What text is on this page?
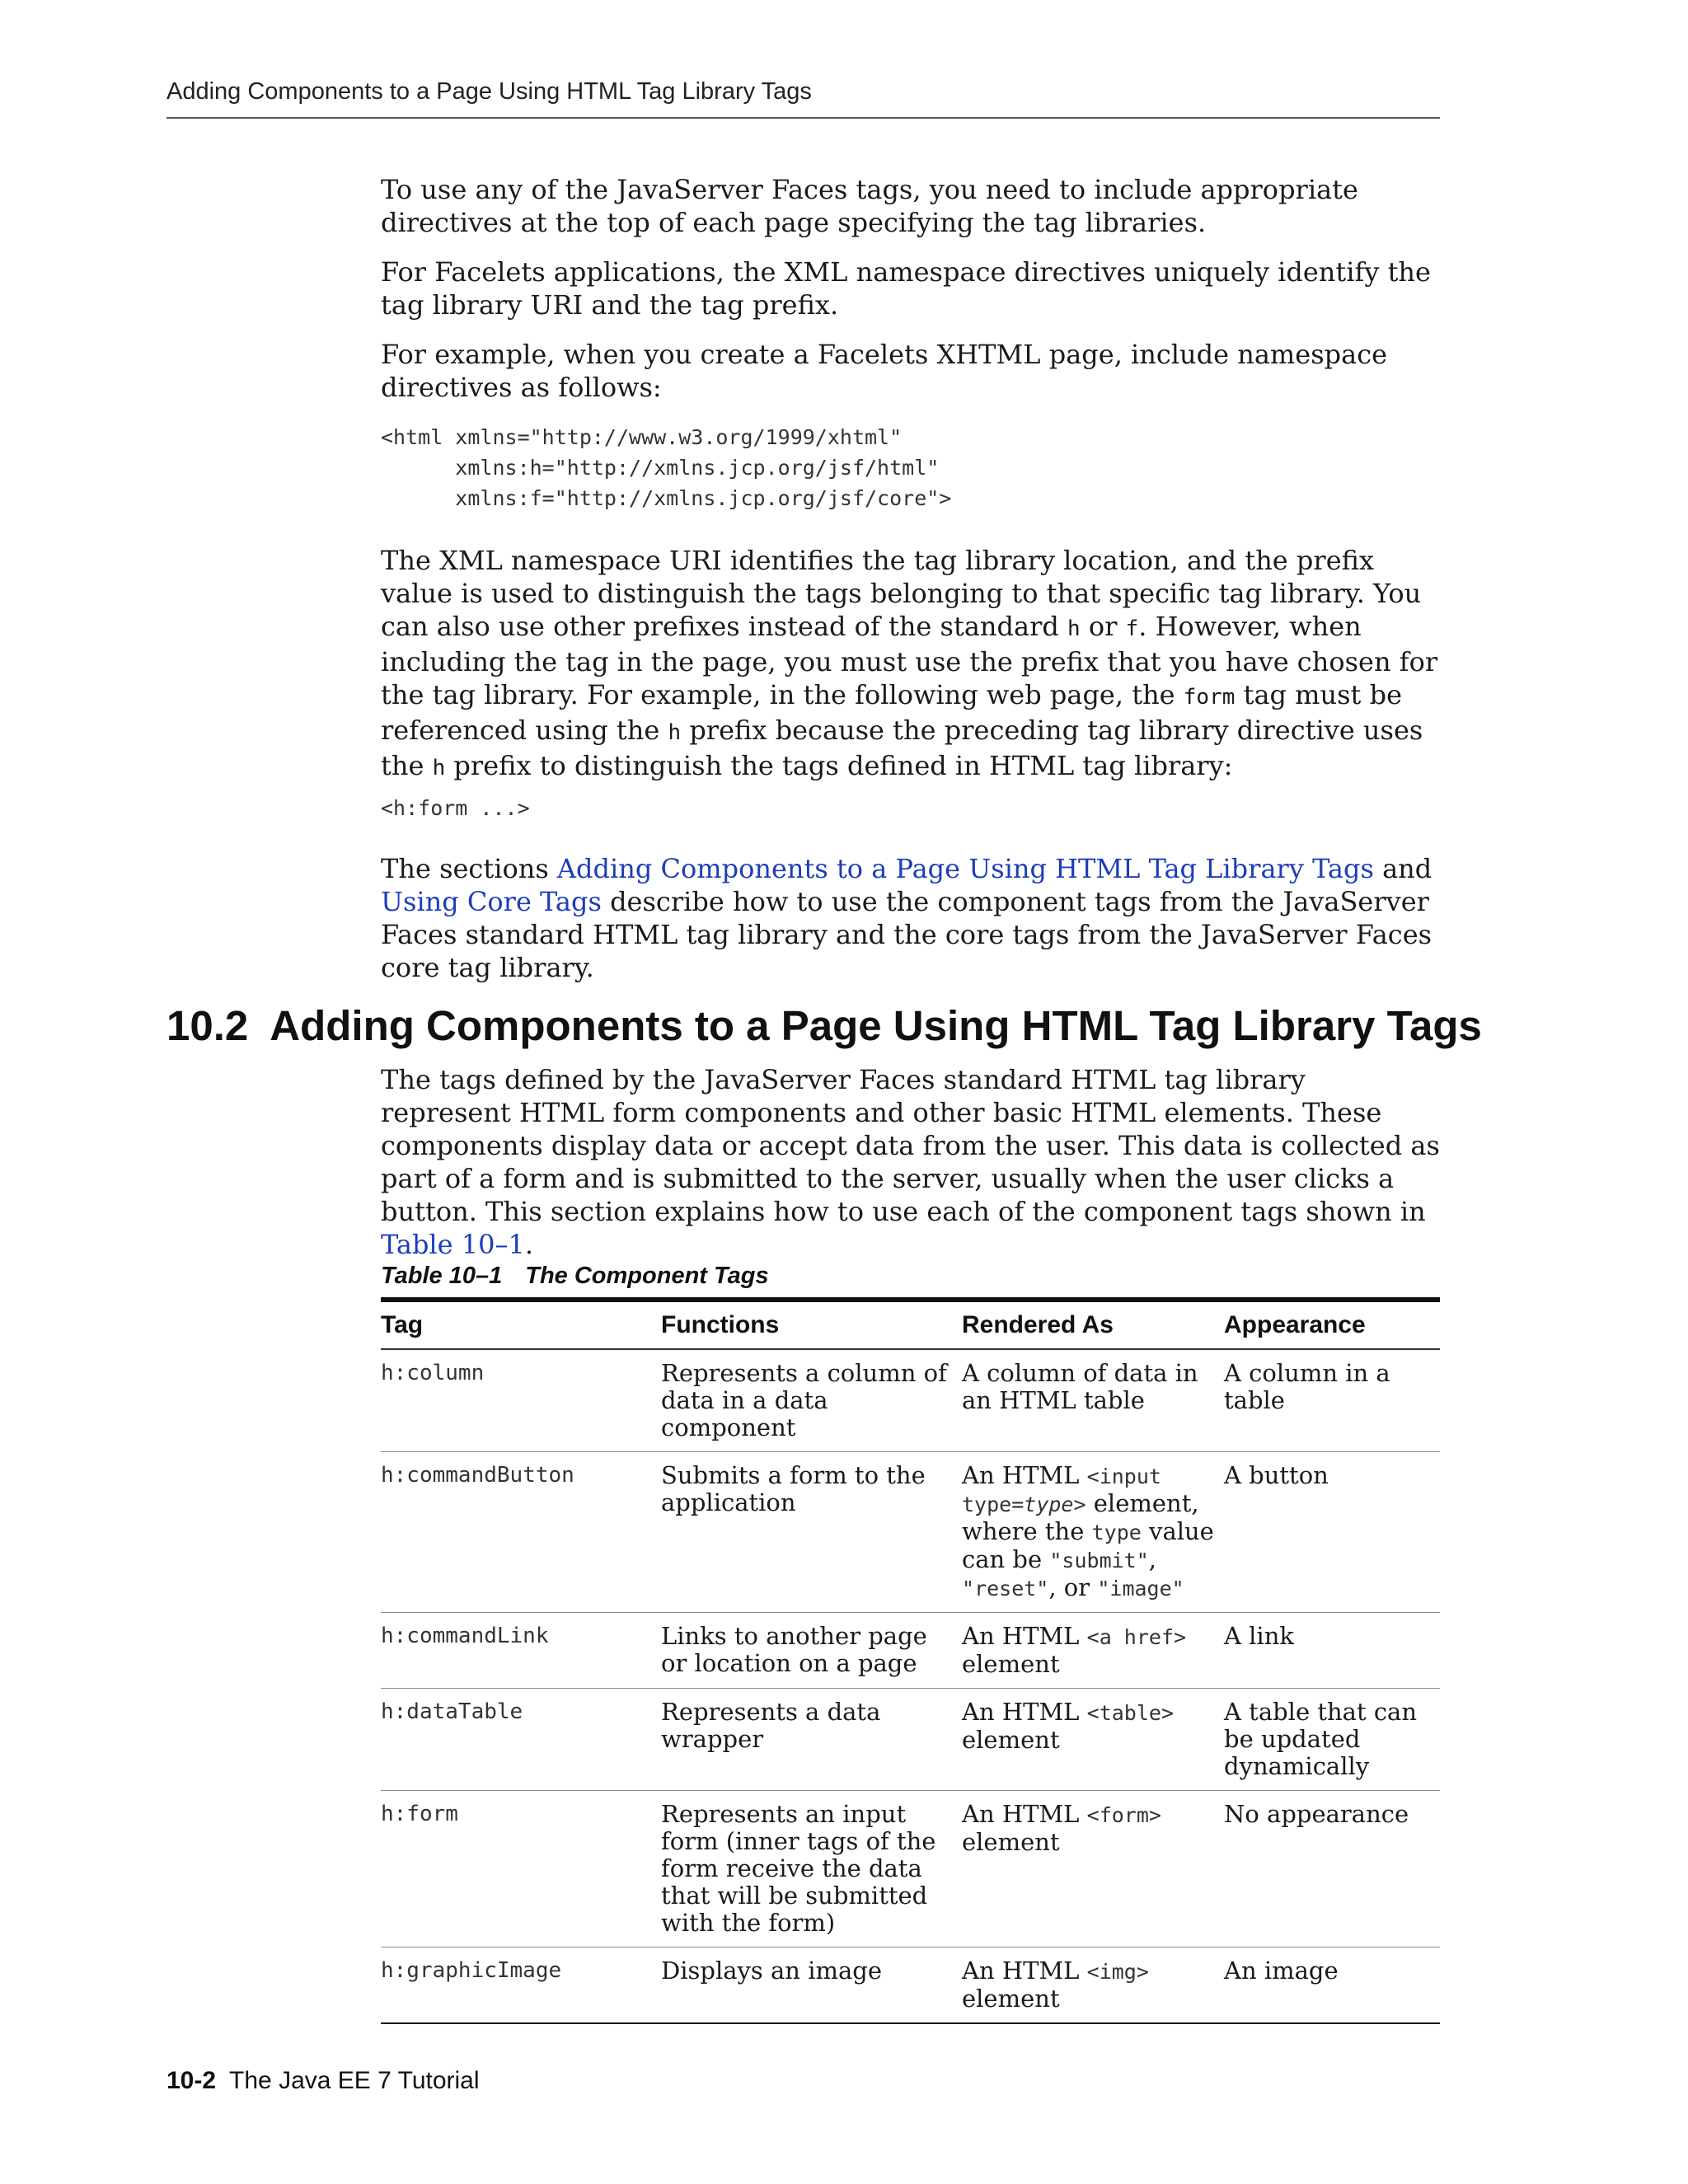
Adding Components to a Page Using HTML Tag Library Tags

To use any of the JavaServer Faces tags, you need to include appropriate directives at the top of each page specifying the tag libraries.

For Facelets applications, the XML namespace directives uniquely identify the tag library URI and the tag prefix.

For example, when you create a Facelets XHTML page, include namespace directives as follows:

<html xmlns="http://www.w3.org/1999/xhtml"
xmlns:h="http://xmlns.jcp.org/jsf/html"
xmlns:f="http://xmlns.jcp.org/jsf/core">

The XML namespace URI identifies the tag library location, and the prefix value is used to distinguish the tags belonging to that specific tag library. You can also use other prefixes instead of the standard h or f. However, when including the tag in the page, you must use the prefix that you have chosen for the tag library. For example, in the following web page, the form tag must be referenced using the h prefix because the preceding tag library directive uses the h prefix to distinguish the tags defined in HTML tag library:

<h:form ...>

The sections Adding Components to a Page Using HTML Tag Library Tags and Using Core Tags describe how to use the component tags from the JavaServer Faces standard HTML tag library and the core tags from the JavaServer Faces core tag library.

10.2 Adding Components to a Page Using HTML Tag Library Tags

The tags defined by the JavaServer Faces standard HTML tag library represent HTML form components and other basic HTML elements. These components display data or accept data from the user. This data is collected as part of a form and is submitted to the server, usually when the user clicks a button. This section explains how to use each of the component tags shown in Table 10–1.

Table 10–1 The Component Tags
Tag	Functions	Rendered As	Appearance
h:column	Represents a column of data in a data component	A column of data in an HTML table	A column in a table
h:commandButton	Submits a form to the application	An HTML <input type=type> element, where the type value can be "submit", "reset", or "image"	A button
h:commandLink	Links to another page or location on a page	An HTML <a href> element	A link
h:dataTable	Represents a data wrapper	An HTML <table> element	A table that can be updated dynamically
h:form	Represents an input form (inner tags of the form receive the data that will be submitted with the form)	An HTML <form> element	No appearance
h:graphicImage	Displays an image	An HTML <img> element	An image
10-2 The Java EE 7 Tutorial
